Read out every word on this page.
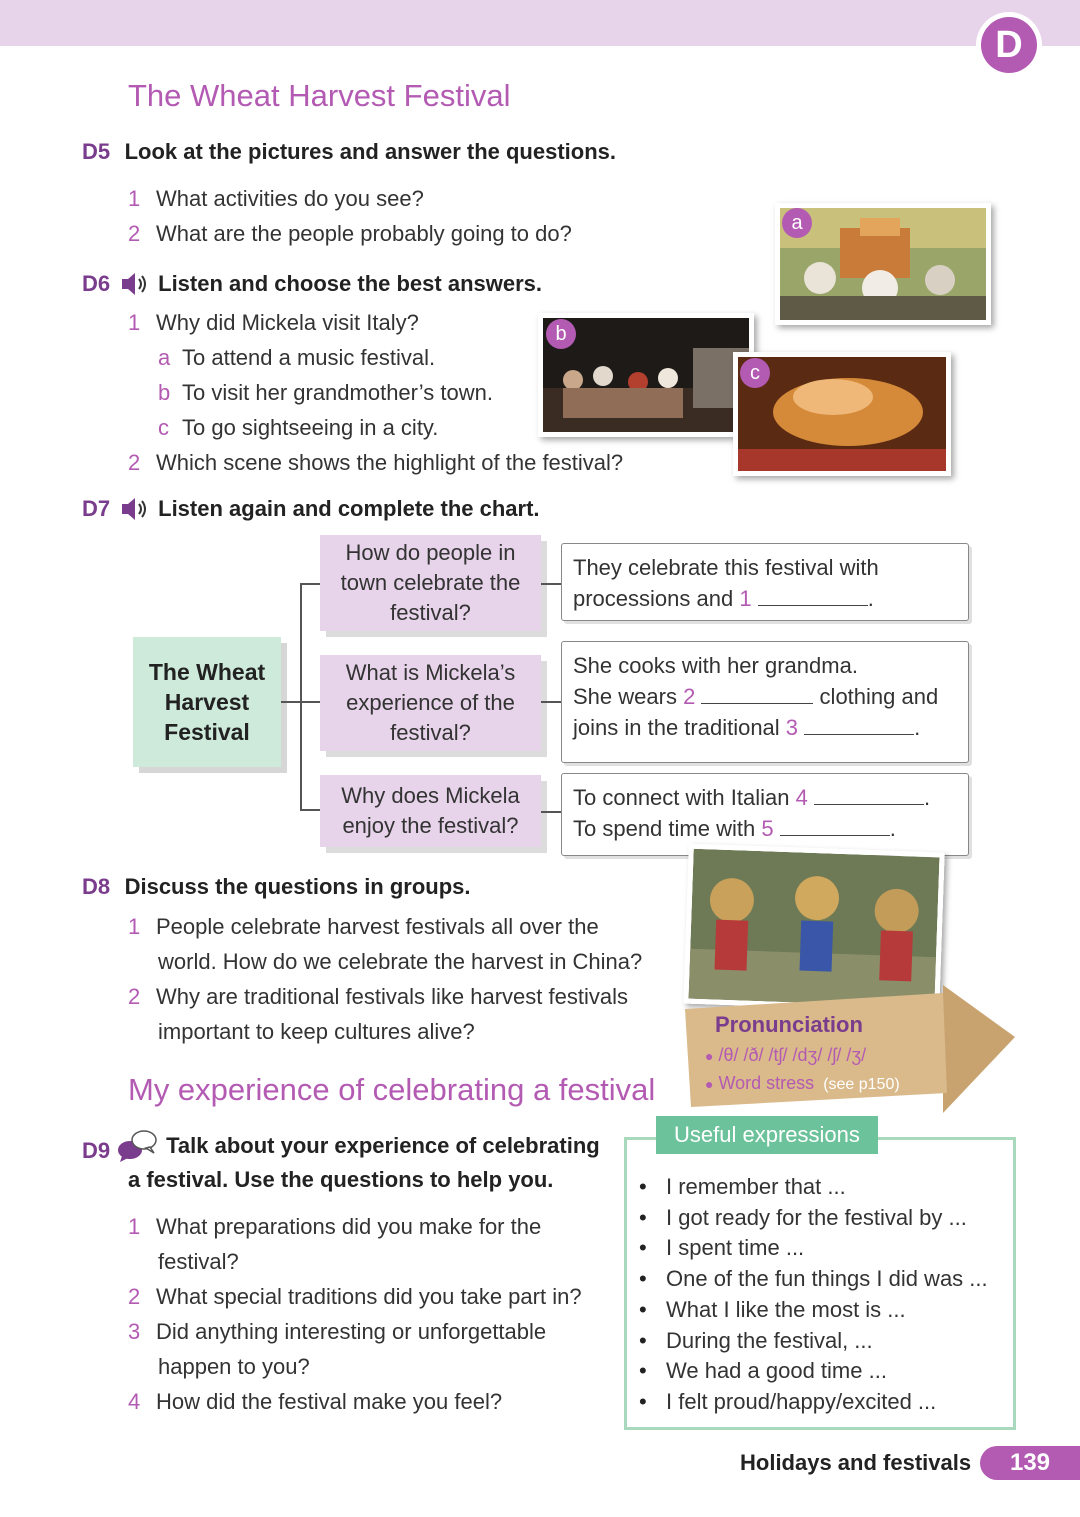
D
The Wheat Harvest Festival
D5 Look at the pictures and answer the questions.
1 What activities do you see?
2 What are the people probably going to do?
D6 Listen and choose the best answers.
1 Why did Mickela visit Italy?
a To attend a music festival.
b To visit her grandmother’s town.
c To go sightseeing in a city.
2 Which scene shows the highlight of the festival?
a
b
c
D7 Listen again and complete the chart.
The Wheat Harvest Festival
How do people in town celebrate the festival?
What is Mickela’s experience of the festival?
Why does Mickela enjoy the festival?
They celebrate this festival with
processions and 1	.
She cooks with her grandma.
She wears 2	clothing and
joins in the traditional 3	.
To connect with Italian 4	.
To spend time with 5	.
D8 Discuss the questions in groups.
1 People celebrate harvest festivals all over the
world. How do we celebrate the harvest in China?
2 Why are traditional festivals like harvest festivals
important to keep cultures alive?	Pronunciation
● /θ/ /ð/ /tʃ/ /dʒ/ /ʃ/ /ʒ/
● Word stress (see p150)
My experience of celebrating a festival
D9	Talk about your experience of celebrating
a festival. Use the questions to help you.
1 What preparations did you make for the
festival?
2 What special traditions did you take part in?
3 Did anything interesting or unforgettable
happen to you?
4 How did the festival make you feel?
• I remember that ...
• I got ready for the festival by ...
• I spent time ...
• One of the fun things I did was ...
• What I like the most is ...
• During the festival, ...
• We had a good time ...
• I felt proud/happy/excited ...
Useful expressions
Holidays and festivals	139
